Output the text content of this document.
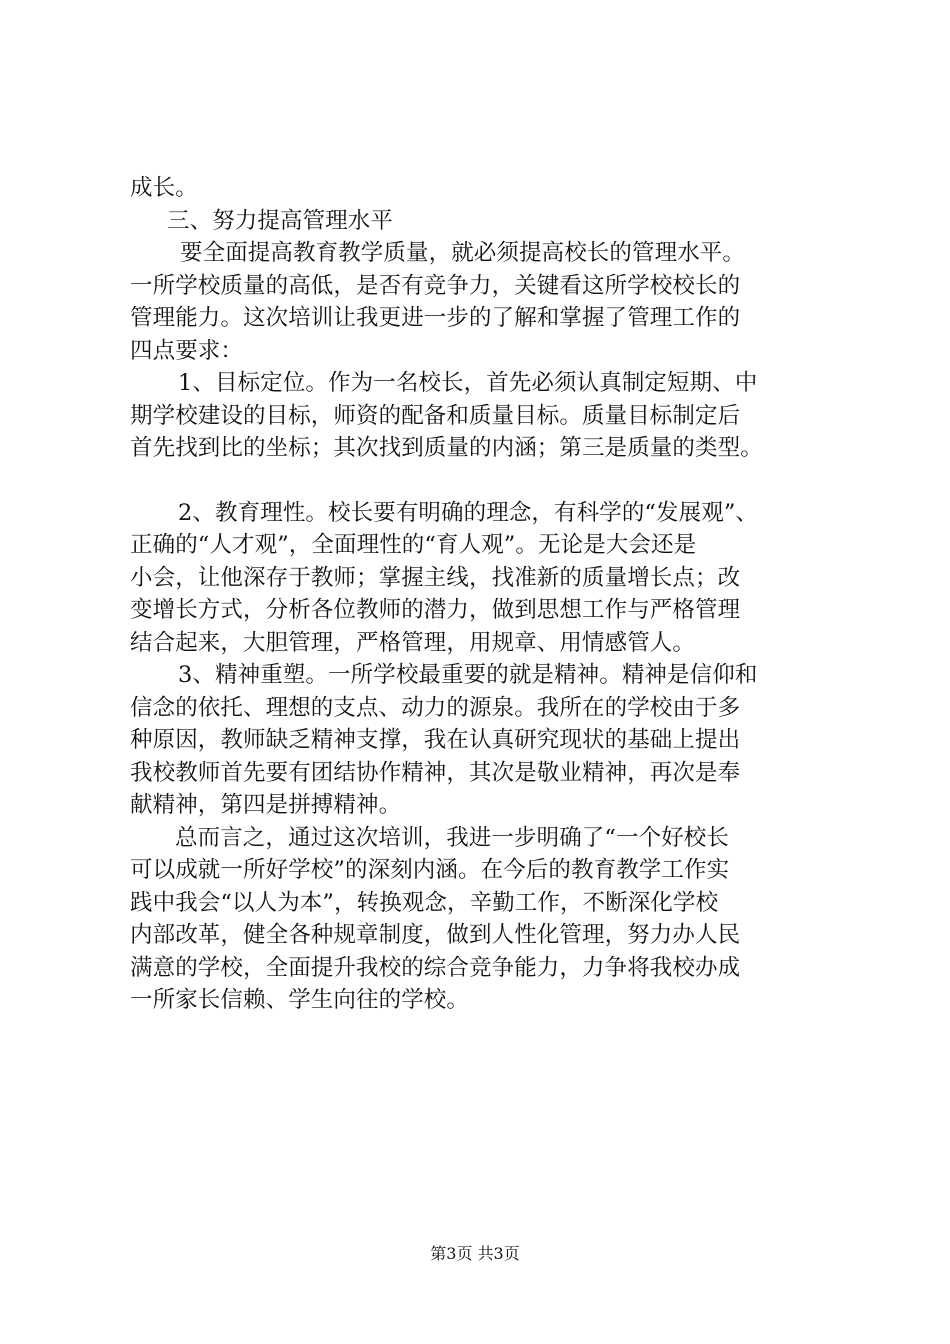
成长。
三、努力提高管理水平
要全面提高教育教学质量，就必须提高校长的管理水平。
一所学校质量的高低，是否有竞争力，关键看这所学校校长的
管理能力。这次培训让我更进一步的了解和掌握了管理工作的
四点要求：
1、目标定位。作为一名校长，首先必须认真制定短期、中
期学校建设的目标，师资的配备和质量目标。质量目标制定后
首先找到比的坐标；其次找到质量的内涵；第三是质量的类型。
2、教育理性。校长要有明确的理念，有科学的“发展观”、
正确的“人才观”，全面理性的“育人观”。无论是大会还是
小会，让他深存于教师；掌握主线，找准新的质量增长点；改
变增长方式，分析各位教师的潜力，做到思想工作与严格管理
结合起来，大胆管理，严格管理，用规章、用情感管人。
3、精神重塑。一所学校最重要的就是精神。精神是信仰和
信念的依托、理想的支点、动力的源泉。我所在的学校由于多
种原因，教师缺乏精神支撑，我在认真研究现状的基础上提出
我校教师首先要有团结协作精神，其次是敬业精神，再次是奉
献精神，第四是拼搏精神。
总而言之，通过这次培训，我进一步明确了“一个好校长
可以成就一所好学校”的深刻内涵。在今后的教育教学工作实
践中我会“以人为本”，转换观念，辛勤工作，不断深化学校
内部改革，健全各种规章制度，做到人性化管理，努力办人民
满意的学校，全面提升我校的综合竞争能力，力争将我校办成
一所家长信赖、学生向往的学校。
第3页 共3页
